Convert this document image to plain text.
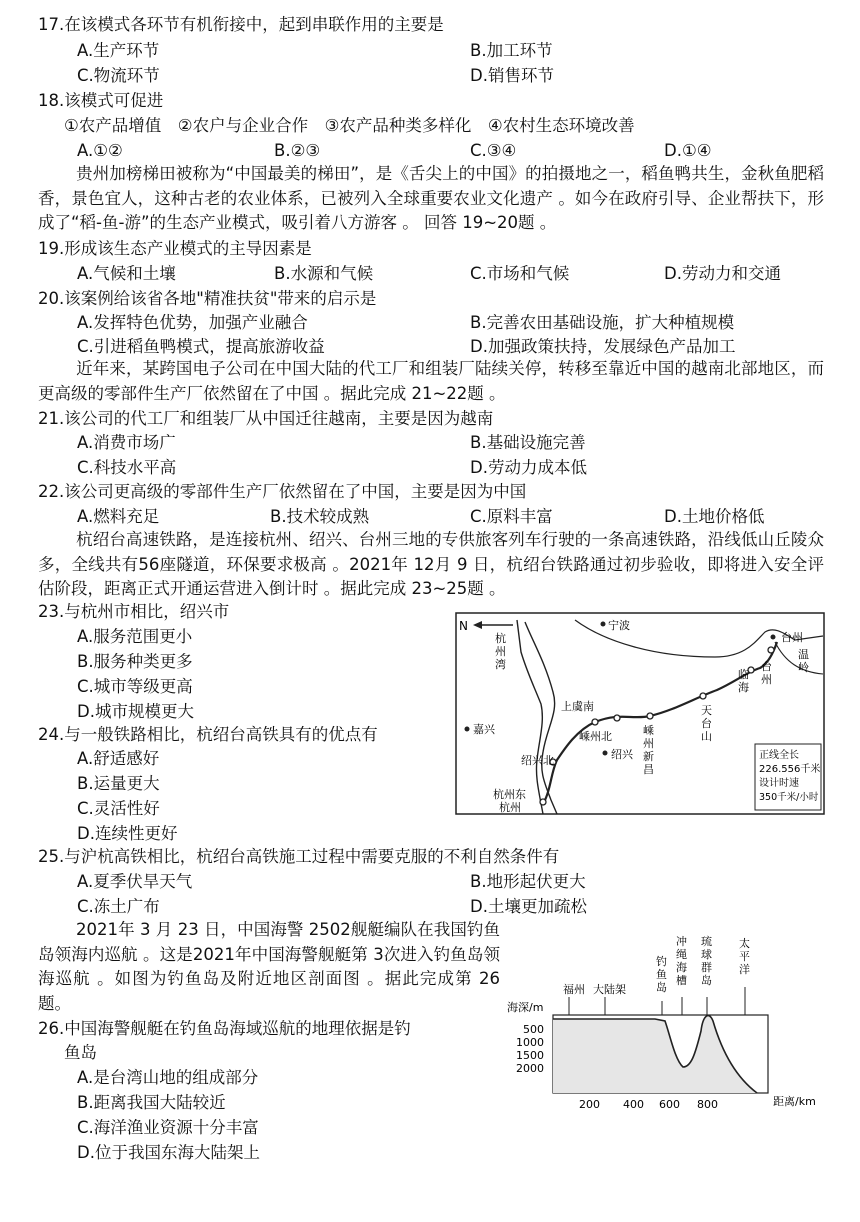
17.在该模式各环节有机衔接中，起到串联作用的主要是
A.生产环节	B.加工环节
C.物流环节	D.销售环节
18.该模式可促进
①农产品增值　②农户与企业合作　③农产品种类多样化　④农村生态环境改善
A.①②	B.②③	C.③④	D.①④
贵州加榜梯田被称为“中国最美的梯田”，是《舌尖上的中国》的拍摄地之一，稻鱼鸭共生，金秋鱼肥稻香，景色宜人，这种古老的农业体系，已被列入全球重要农业文化遗产 。如今在政府引导、企业帮扶下，形成了“稻-鱼-游”的生态产业模式，吸引着八方游客 。 回答 19~20题 。
19.形成该生态产业模式的主导因素是
A.气候和土壤	B.水源和气候	C.市场和气候	D.劳动力和交通
20.该案例给该省各地"精准扶贫"带来的启示是
A.发挥特色优势，加强产业融合	B.完善农田基础设施，扩大种植规模
C.引进稻鱼鸭模式，提高旅游收益	D.加强政策扶持，发展绿色产品加工
近年来，某跨国电子公司在中国大陆的代工厂和组装厂陆续关停，转移至靠近中国的越南北部地区，而更高级的零部件生产厂依然留在了中国 。据此完成 21~22题 。
21.该公司的代工厂和组装厂从中国迁往越南，主要是因为越南
A.消费市场广	B.基础设施完善
C.科技水平高	D.劳动力成本低
22.该公司更高级的零部件生产厂依然留在了中国，主要是因为中国
A.燃料充足	B.技术较成熟	C.原料丰富	D.土地价格低
杭绍台高速铁路，是连接杭州、绍兴、台州三地的专供旅客列车行驶的一条高速铁路，沿线低山丘陵众多，全线共有56座隧道，环保要求极高 。2021年 12月 9 日，杭绍台铁路通过初步验收，即将进入安全评估阶段，距离正式开通运营进入倒计时 。据此完成 23~25题 。
23.与杭州市相比，绍兴市
A.服务范围更小
B.服务种类更多
C.城市等级更高
D.城市规模更大
24.与一般铁路相比，杭绍台高铁具有的优点有
A.舒适感好
B.运量更大
C.灵活性好
D.连续性更好
N	宁波
台州
杭州湾
温岭
临海
台州
天台山
上虞南
嵊州北	嵊州新昌
嘉兴
绍兴
绍兴北
杭州东
杭州
正线全长
226.556千米
设计时速
350千米/小时
25.与沪杭高铁相比，杭绍台高铁施工过程中需要克服的不利自然条件有
A.夏季伏旱天气	B.地形起伏更大
C.冻土广布	D.土壤更加疏松
2021年 3 月 23 日，中国海警 2502舰艇编队在我国钓鱼岛领海内巡航 。这是2021年中国海警舰艇第 3次进入钓鱼岛领海巡航 。如图为钓鱼岛及附近地区剖面图 。据此完成第 26题。
26.中国海警舰艇在钓鱼岛海域巡航的地理依据是钓
鱼岛
A.是台湾山地的组成部分
B.距离我国大陆较近
C.海洋渔业资源十分丰富
D.位于我国东海大陆架上
福州 大陆架
钓鱼岛
冲绳海槽
琉球群岛
太平洋
海深/m
500
1000
1500
2000
200 400 600 800	距离/km
